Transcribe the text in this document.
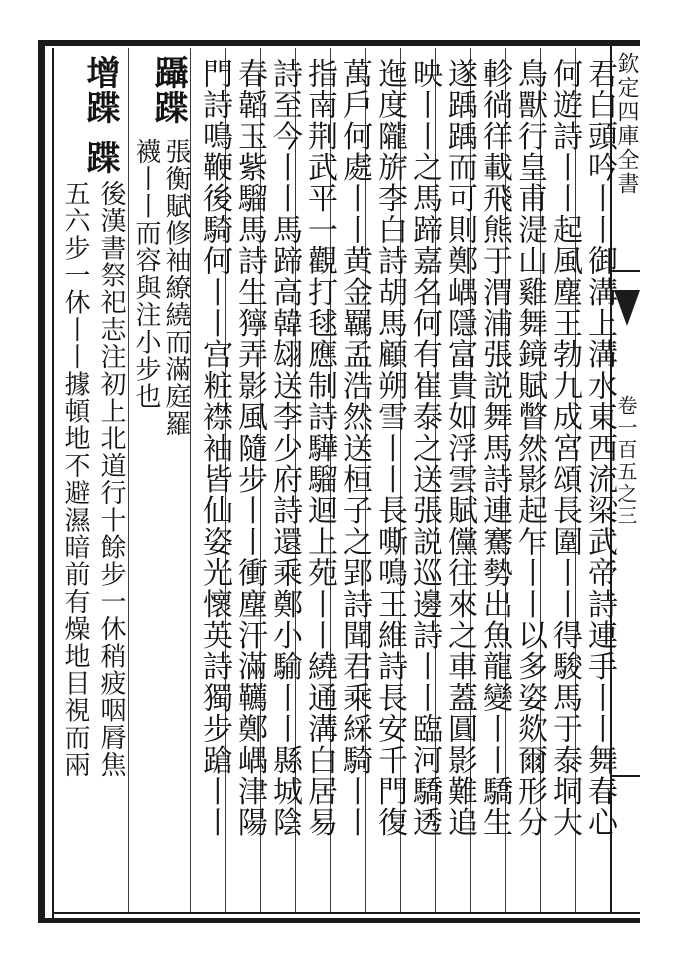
欽定四庫全書
卷一百五之三
君白頭吟丨丨御溝上溝水東西流梁武帝詩連手丨丨舞春心
何遊詩丨丨起風塵王勃九成宮頌長圍丨丨得駿馬于泰垌大
鳥獸行皇甫湜山雞舞鏡賦瞥然影起乍丨丨以多姿欻爾形分
軫徜徉載飛熊于渭浦張説舞馬詩連騫勢出魚龍變丨丨驕生
遂踽踽而可則鄭嵎隱富貴如浮雲賦儻往來之車蓋圓影難追
映丨丨之馬蹄嘉名何有崔泰之送張説巡邊詩丨丨臨河驕透
迤度隴旂李白詩胡馬顧朔雪丨丨長嘶鳴王維詩長安千門復
萬戶何處丨丨黄金羈孟浩然送桓子之郢詩聞君乘綵騎丨丨
指南荆武平一觀打毬應制詩驊騮迴上苑丨丨繞通溝白居易
詩至今丨丨馬蹄高韓翃送李少府詩還乘鄭小騟丨丨縣城陰
春韜玉紫騮馬詩生獰弄影風隨步丨丨衝塵汗滿韉鄭嵎津陽
門詩鳴鞭後騎何丨丨宫粧襟袖皆仙姿光懷英詩獨步蹌丨丨
躡蹀
張衡賦修袖繚繞而滿庭羅
襪丨丨而容與注小步也
增蹀
蹀
後漢書祭祀志注初上北道行十餘步一休稍疲咽脣焦
五六步一休丨丨據頓地不避濕暗前有燥地目視而兩
